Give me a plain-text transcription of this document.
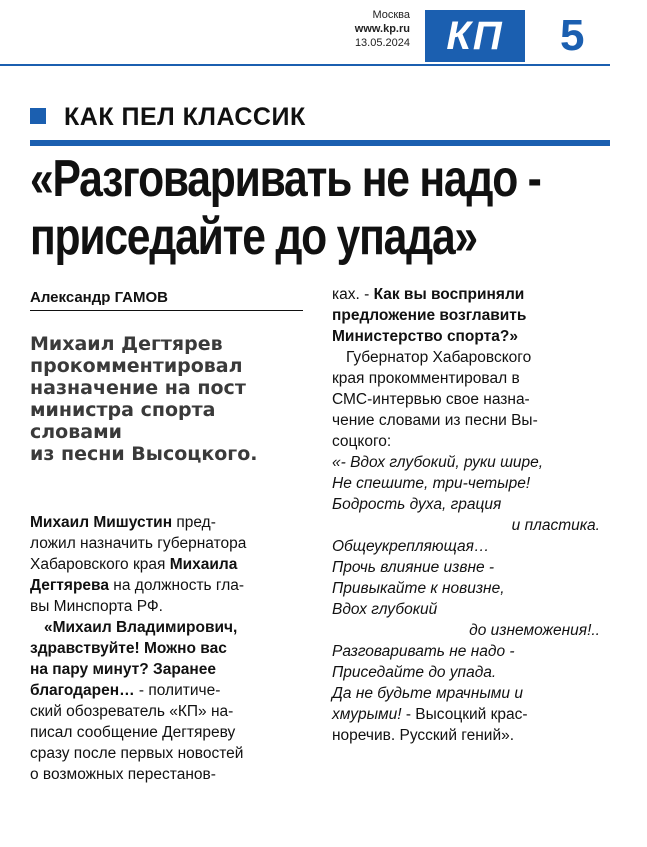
Москва
www.kp.ru
13.05.2024 КП	5
КАК ПЕЛ КЛАССИК
«Разговаривать не надо -
приседайте до упада»
Александр ГАМОВ
Михаил Дегтярев
прокомментировал
назначение на пост
министра спорта
словами
из песни Высоцкого.
Михаил Мишустин пред-
ложил назначить губернатора
Хабаровского края Михаила
Дегтярева на должность гла-
вы Минспорта РФ.
«Михаил Владимирович,
здравствуйте! Можно вас
на пару минут? Заранее
благодарен… - политиче-
ский обозреватель «КП» на-
писал сообщение Дегтяреву
сразу после первых новостей
о возможных перестанов-
ках. - Как вы восприняли
предложение возглавить
Министерство спорта?»
Губернатор Хабаровского
края прокомментировал в
СМС-интервью свое назна-
чение словами из песни Вы-
соцкого:
«- Вдох глубокий, руки шире,
Не спешите, три-четыре!
Бодрость духа, грация
и пластика.
Общеукрепляющая…
Прочь влияние извне -
Привыкайте к новизне,
Вдох глубокий
до изнеможения!..
Разговаривать не надо -
Приседайте до упада.
Да не будьте мрачными и
хмурыми! - Высоцкий крас-
норечив. Русский гений».
